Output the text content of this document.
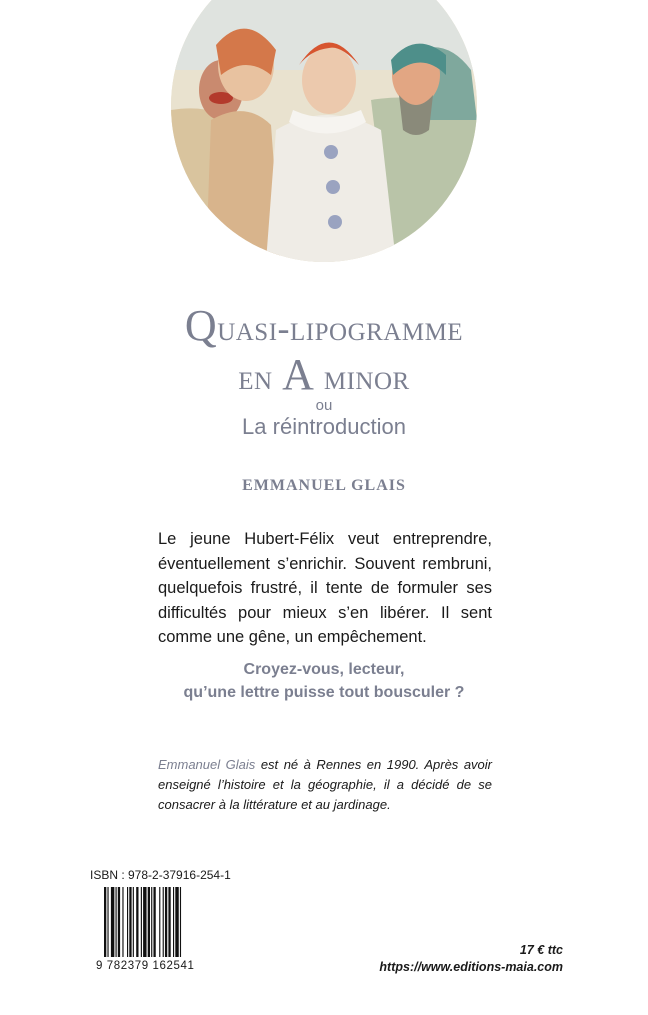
Quasi-lipogramme
en A minor
ou
La réintroduction
EMMANUEL GLAIS
Le jeune Hubert-Félix veut entreprendre, éventuellement s’enrichir. Souvent rembruni, quelquefois frustré, il tente de formuler ses difficultés pour mieux s’en libérer. Il sent comme une gêne, un empêchement.
Croyez-vous, lecteur,
qu’une lettre puisse tout bousculer ?
Emmanuel Glais est né à Rennes en 1990. Après avoir enseigné l’histoire et la géographie, il a décidé de se consacrer à la littérature et au jardinage.
ISBN : 978-2-37916-254-1
9 782379 162541
17 € ttc
https://www.editions-maia.com
